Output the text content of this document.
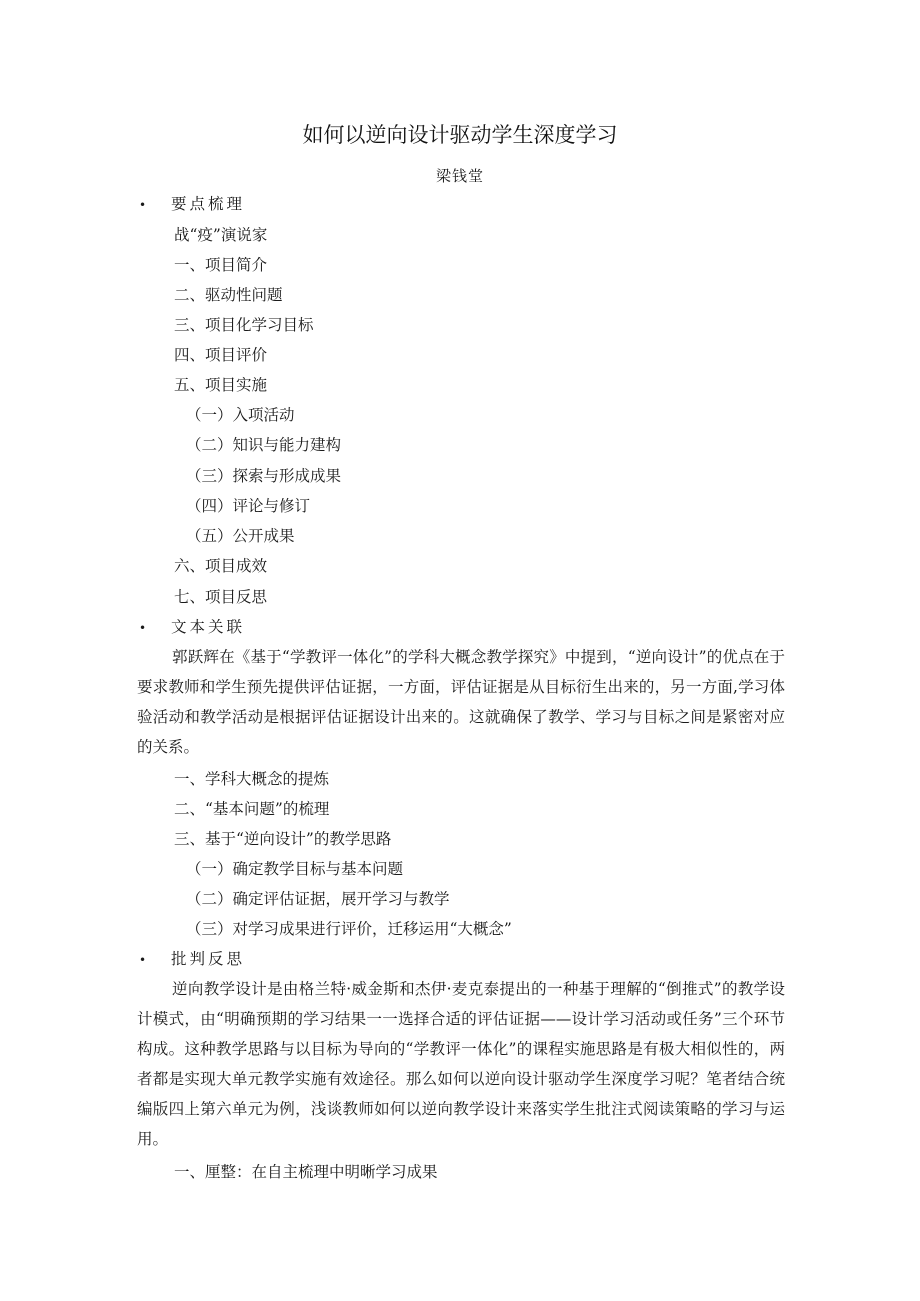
如何以逆向设计驱动学生深度学习
梁钱堂
• 要点梳理
战“疫”演说家
一、项目简介
二、驱动性问题
三、项目化学习目标
四、项目评价
五、项目实施
（一）入项活动
（二）知识与能力建构
（三）探索与形成成果
（四）评论与修订
（五）公开成果
六、项目成效
七、项目反思
• 文本关联

郭跃辉在《基于“学教评一体化”的学科大概念教学探究》中提到，“逆向设计”的优点在于要求教师和学生预先提供评估证据，一方面，评估证据是从目标衍生出来的，另一方面,学习体验活动和教学活动是根据评估证据设计出来的。这就确保了教学、学习与目标之间是紧密对应的关系。

一、学科大概念的提炼
二、“基本问题”的梳理
三、基于“逆向设计”的教学思路
（一）确定教学目标与基本问题
（二）确定评估证据，展开学习与教学
（三）对学习成果进行评价，迁移运用“大概念”
• 批判反思

逆向教学设计是由格兰特·威金斯和杰伊·麦克泰提出的一种基于理解的“倒推式”的教学设计模式，由“明确预期的学习结果一一选择合适的评估证据——设计学习活动或任务”三个环节构成。这种教学思路与以目标为导向的“学教评一体化”的课程实施思路是有极大相似性的，两者都是实现大单元教学实施有效途径。那么如何以逆向设计驱动学生深度学习呢？笔者结合统编版四上第六单元为例，浅谈教师如何以逆向教学设计来落实学生批注式阅读策略的学习与运用。

一、厘整：在自主梳理中明晰学习成果
